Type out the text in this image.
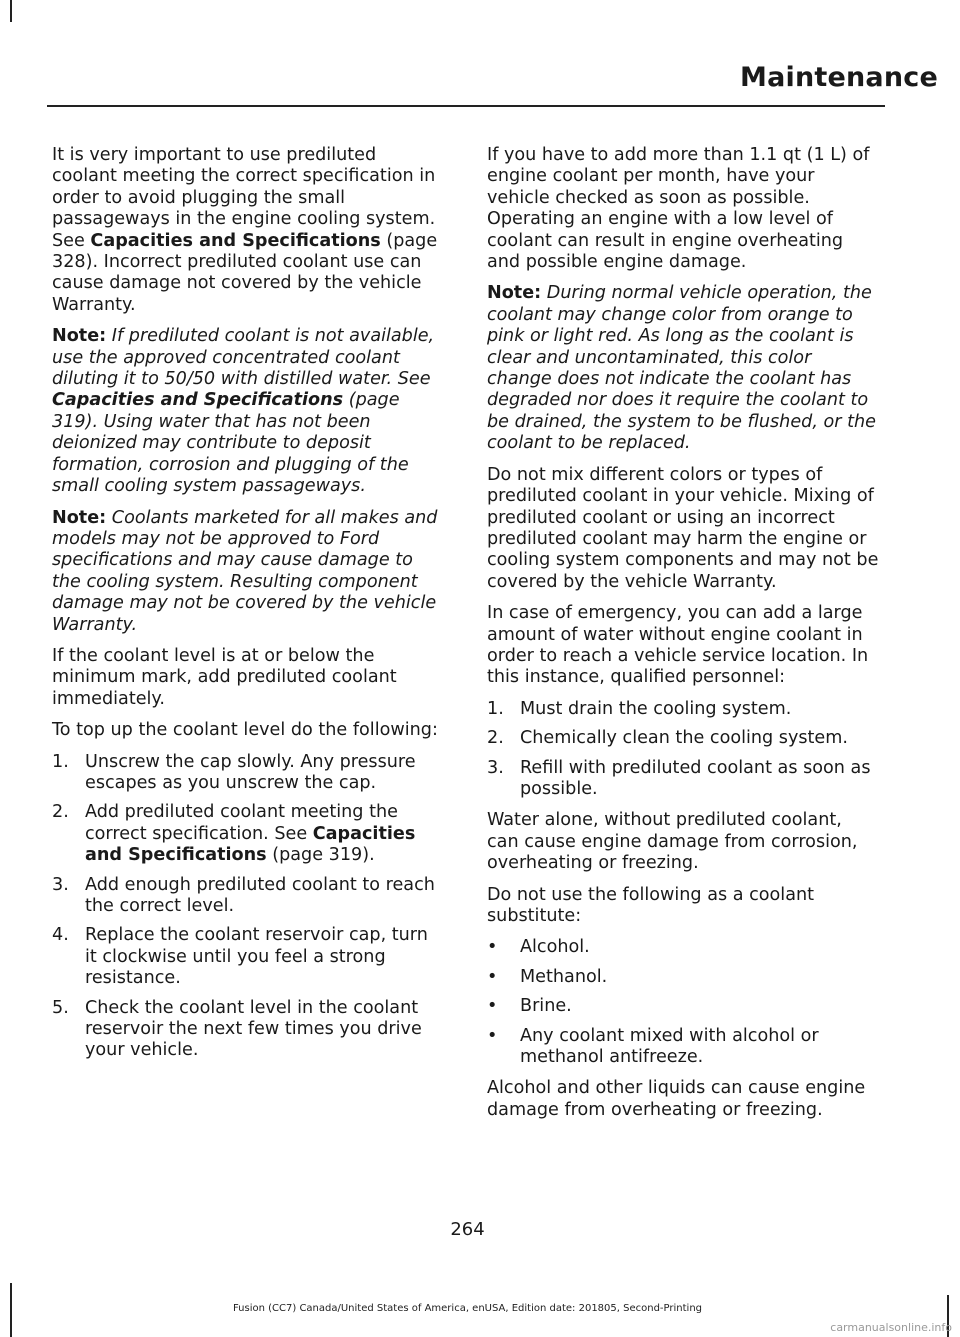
Maintenance

It is very important to use prediluted coolant meeting the correct specification in order to avoid plugging the small passageways in the engine cooling system. See Capacities and Specifications (page 328). Incorrect prediluted coolant use can cause damage not covered by the vehicle Warranty.

Note: If prediluted coolant is not available, use the approved concentrated coolant diluting it to 50/50 with distilled water. See Capacities and Specifications (page 319). Using water that has not been deionized may contribute to deposit formation, corrosion and plugging of the small cooling system passageways.

Note: Coolants marketed for all makes and models may not be approved to Ford specifications and may cause damage to the cooling system. Resulting component damage may not be covered by the vehicle Warranty.

If the coolant level is at or below the minimum mark, add prediluted coolant immediately.

To top up the coolant level do the following:

1. Unscrew the cap slowly. Any pressure escapes as you unscrew the cap.
2. Add prediluted coolant meeting the correct specification. See Capacities and Specifications (page 319).
3. Add enough prediluted coolant to reach the correct level.
4. Replace the coolant reservoir cap, turn it clockwise until you feel a strong resistance.
5. Check the coolant level in the coolant reservoir the next few times you drive your vehicle.

If you have to add more than 1.1 qt (1 L) of engine coolant per month, have your vehicle checked as soon as possible. Operating an engine with a low level of coolant can result in engine overheating and possible engine damage.

Note: During normal vehicle operation, the coolant may change color from orange to pink or light red. As long as the coolant is clear and uncontaminated, this color change does not indicate the coolant has degraded nor does it require the coolant to be drained, the system to be flushed, or the coolant to be replaced.

Do not mix different colors or types of prediluted coolant in your vehicle. Mixing of prediluted coolant or using an incorrect prediluted coolant may harm the engine or cooling system components and may not be covered by the vehicle Warranty.

In case of emergency, you can add a large amount of water without engine coolant in order to reach a vehicle service location. In this instance, qualified personnel:

1. Must drain the cooling system.
2. Chemically clean the cooling system.
3. Refill with prediluted coolant as soon as possible.

Water alone, without prediluted coolant, can cause engine damage from corrosion, overheating or freezing.

Do not use the following as a coolant substitute:

• Alcohol.
• Methanol.
• Brine.
• Any coolant mixed with alcohol or methanol antifreeze.

Alcohol and other liquids can cause engine damage from overheating or freezing.

264
Fusion (CC7) Canada/United States of America, enUSA, Edition date: 201805, Second-Printing
carmanualsonline.info
